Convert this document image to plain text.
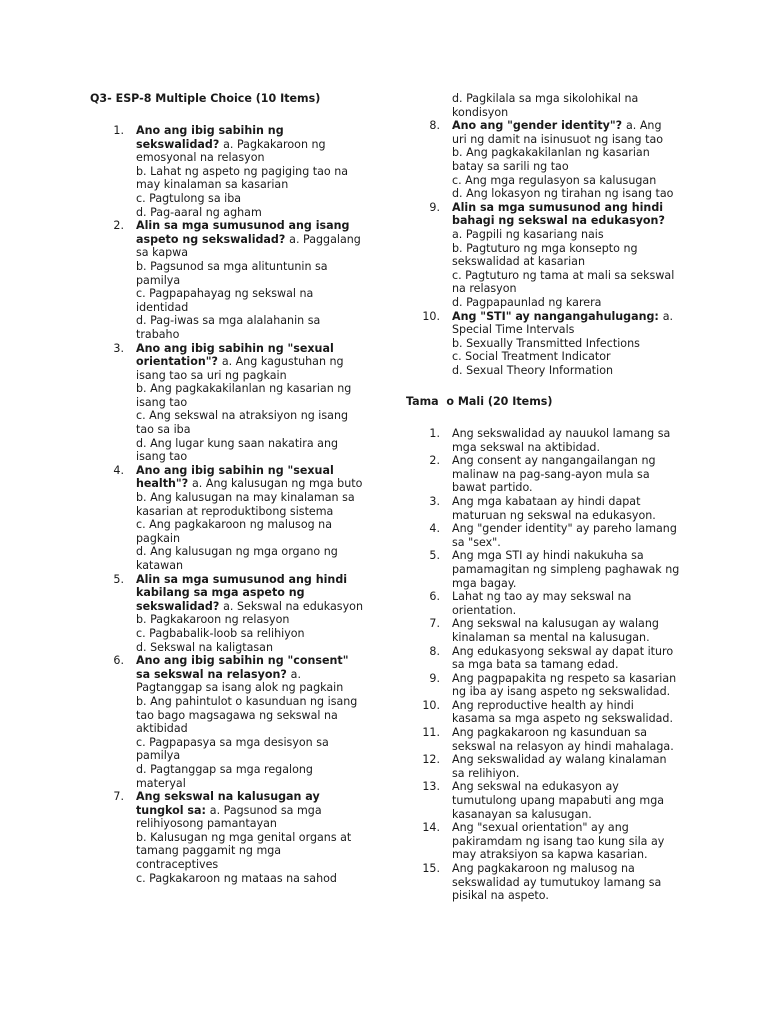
Q3- ESP-8 Multiple Choice (10 Items)
1. Ano ang ibig sabihin ng sekswalidad? a. Pagkakaroon ng emosyonal na relasyon
b. Lahat ng aspeto ng pagiging tao na may kinalaman sa kasarian
c. Pagtulong sa iba
d. Pag-aaral ng agham
2. Alin sa mga sumusunod ang isang aspeto ng sekswalidad? a. Paggalang sa kapwa
b. Pagsunod sa mga alituntunin sa pamilya
c. Pagpapahayag ng sekswal na identidad
d. Pag-iwas sa mga alalahanin sa trabaho
3. Ano ang ibig sabihin ng "sexual orientation"? a. Ang kagustuhan ng isang tao sa uri ng pagkain
b. Ang pagkakakilanlan ng kasarian ng isang tao
c. Ang sekswal na atraksiyon ng isang tao sa iba
d. Ang lugar kung saan nakatira ang isang tao
4. Ano ang ibig sabihin ng "sexual health"? a. Ang kalusugan ng mga buto
b. Ang kalusugan na may kinalaman sa kasarian at reproduktibong sistema
c. Ang pagkakaroon ng malusog na pagkain
d. Ang kalusugan ng mga organo ng katawan
5. Alin sa mga sumusunod ang hindi kabilang sa mga aspeto ng sekswalidad? a. Sekswal na edukasyon
b. Pagkakaroon ng relasyon
c. Pagbabalik-loob sa relihiyon
d. Sekswal na kaligtasan
6. Ano ang ibig sabihin ng "consent" sa sekswal na relasyon? a. Pagtanggap sa isang alok ng pagkain
b. Ang pahintulot o kasunduan ng isang tao bago magsagawa ng sekswal na aktibidad
c. Pagpapasya sa mga desisyon sa pamilya
d. Pagtanggap sa mga regalong materyal
7. Ang sekswal na kalusugan ay tungkol sa: a. Pagsunod sa mga relihiyosong pamantayan
b. Kalusugan ng mga genital organs at tamang paggamit ng mga contraceptives
c. Pagkakaroon ng mataas na sahod
d. Pagkilala sa mga sikolohikal na kondisyon
8. Ano ang "gender identity"? a. Ang uri ng damit na isinusuot ng isang tao
b. Ang pagkakakilanlan ng kasarian batay sa sarili ng tao
c. Ang mga regulasyon sa kalusugan
d. Ang lokasyon ng tirahan ng isang tao
9. Alin sa mga sumusunod ang hindi bahagi ng sekswal na edukasyon?
a. Pagpili ng kasariang nais
b. Pagtuturo ng mga konsepto ng sekswalidad at kasarian
c. Pagtuturo ng tama at mali sa sekswal na relasyon
d. Pagpapaunlad ng karera
10. Ang "STI" ay nangangahulugang: a. Special Time Intervals
b. Sexually Transmitted Infections
c. Social Treatment Indicator
d. Sexual Theory Information
Tama  o Mali (20 Items)
1. Ang sekswalidad ay nauukol lamang sa mga sekswal na aktibidad.
2. Ang consent ay nangangailangan ng malinaw na pag-sang-ayon mula sa bawat partido.
3. Ang mga kabataan ay hindi dapat maturuan ng sekswal na edukasyon.
4. Ang "gender identity" ay pareho lamang sa "sex".
5. Ang mga STI ay hindi nakukuha sa pamamagitan ng simpleng paghawak ng mga bagay.
6. Lahat ng tao ay may sekswal na orientation.
7. Ang sekswal na kalusugan ay walang kinalaman sa mental na kalusugan.
8. Ang edukasyong sekswal ay dapat ituro sa mga bata sa tamang edad.
9. Ang pagpapakita ng respeto sa kasarian ng iba ay isang aspeto ng sekswalidad.
10. Ang reproductive health ay hindi kasama sa mga aspeto ng sekswalidad.
11. Ang pagkakaroon ng kasunduan sa sekswal na relasyon ay hindi mahalaga.
12. Ang sekswalidad ay walang kinalaman sa relihiyon.
13. Ang sekswal na edukasyon ay tumutulong upang mapabuti ang mga kasanayan sa kalusugan.
14. Ang "sexual orientation" ay ang pakiramdam ng isang tao kung sila ay may atraksiyon sa kapwa kasarian.
15. Ang pagkakaroon ng malusog na sekswalidad ay tumutukoy lamang sa pisikal na aspeto.
